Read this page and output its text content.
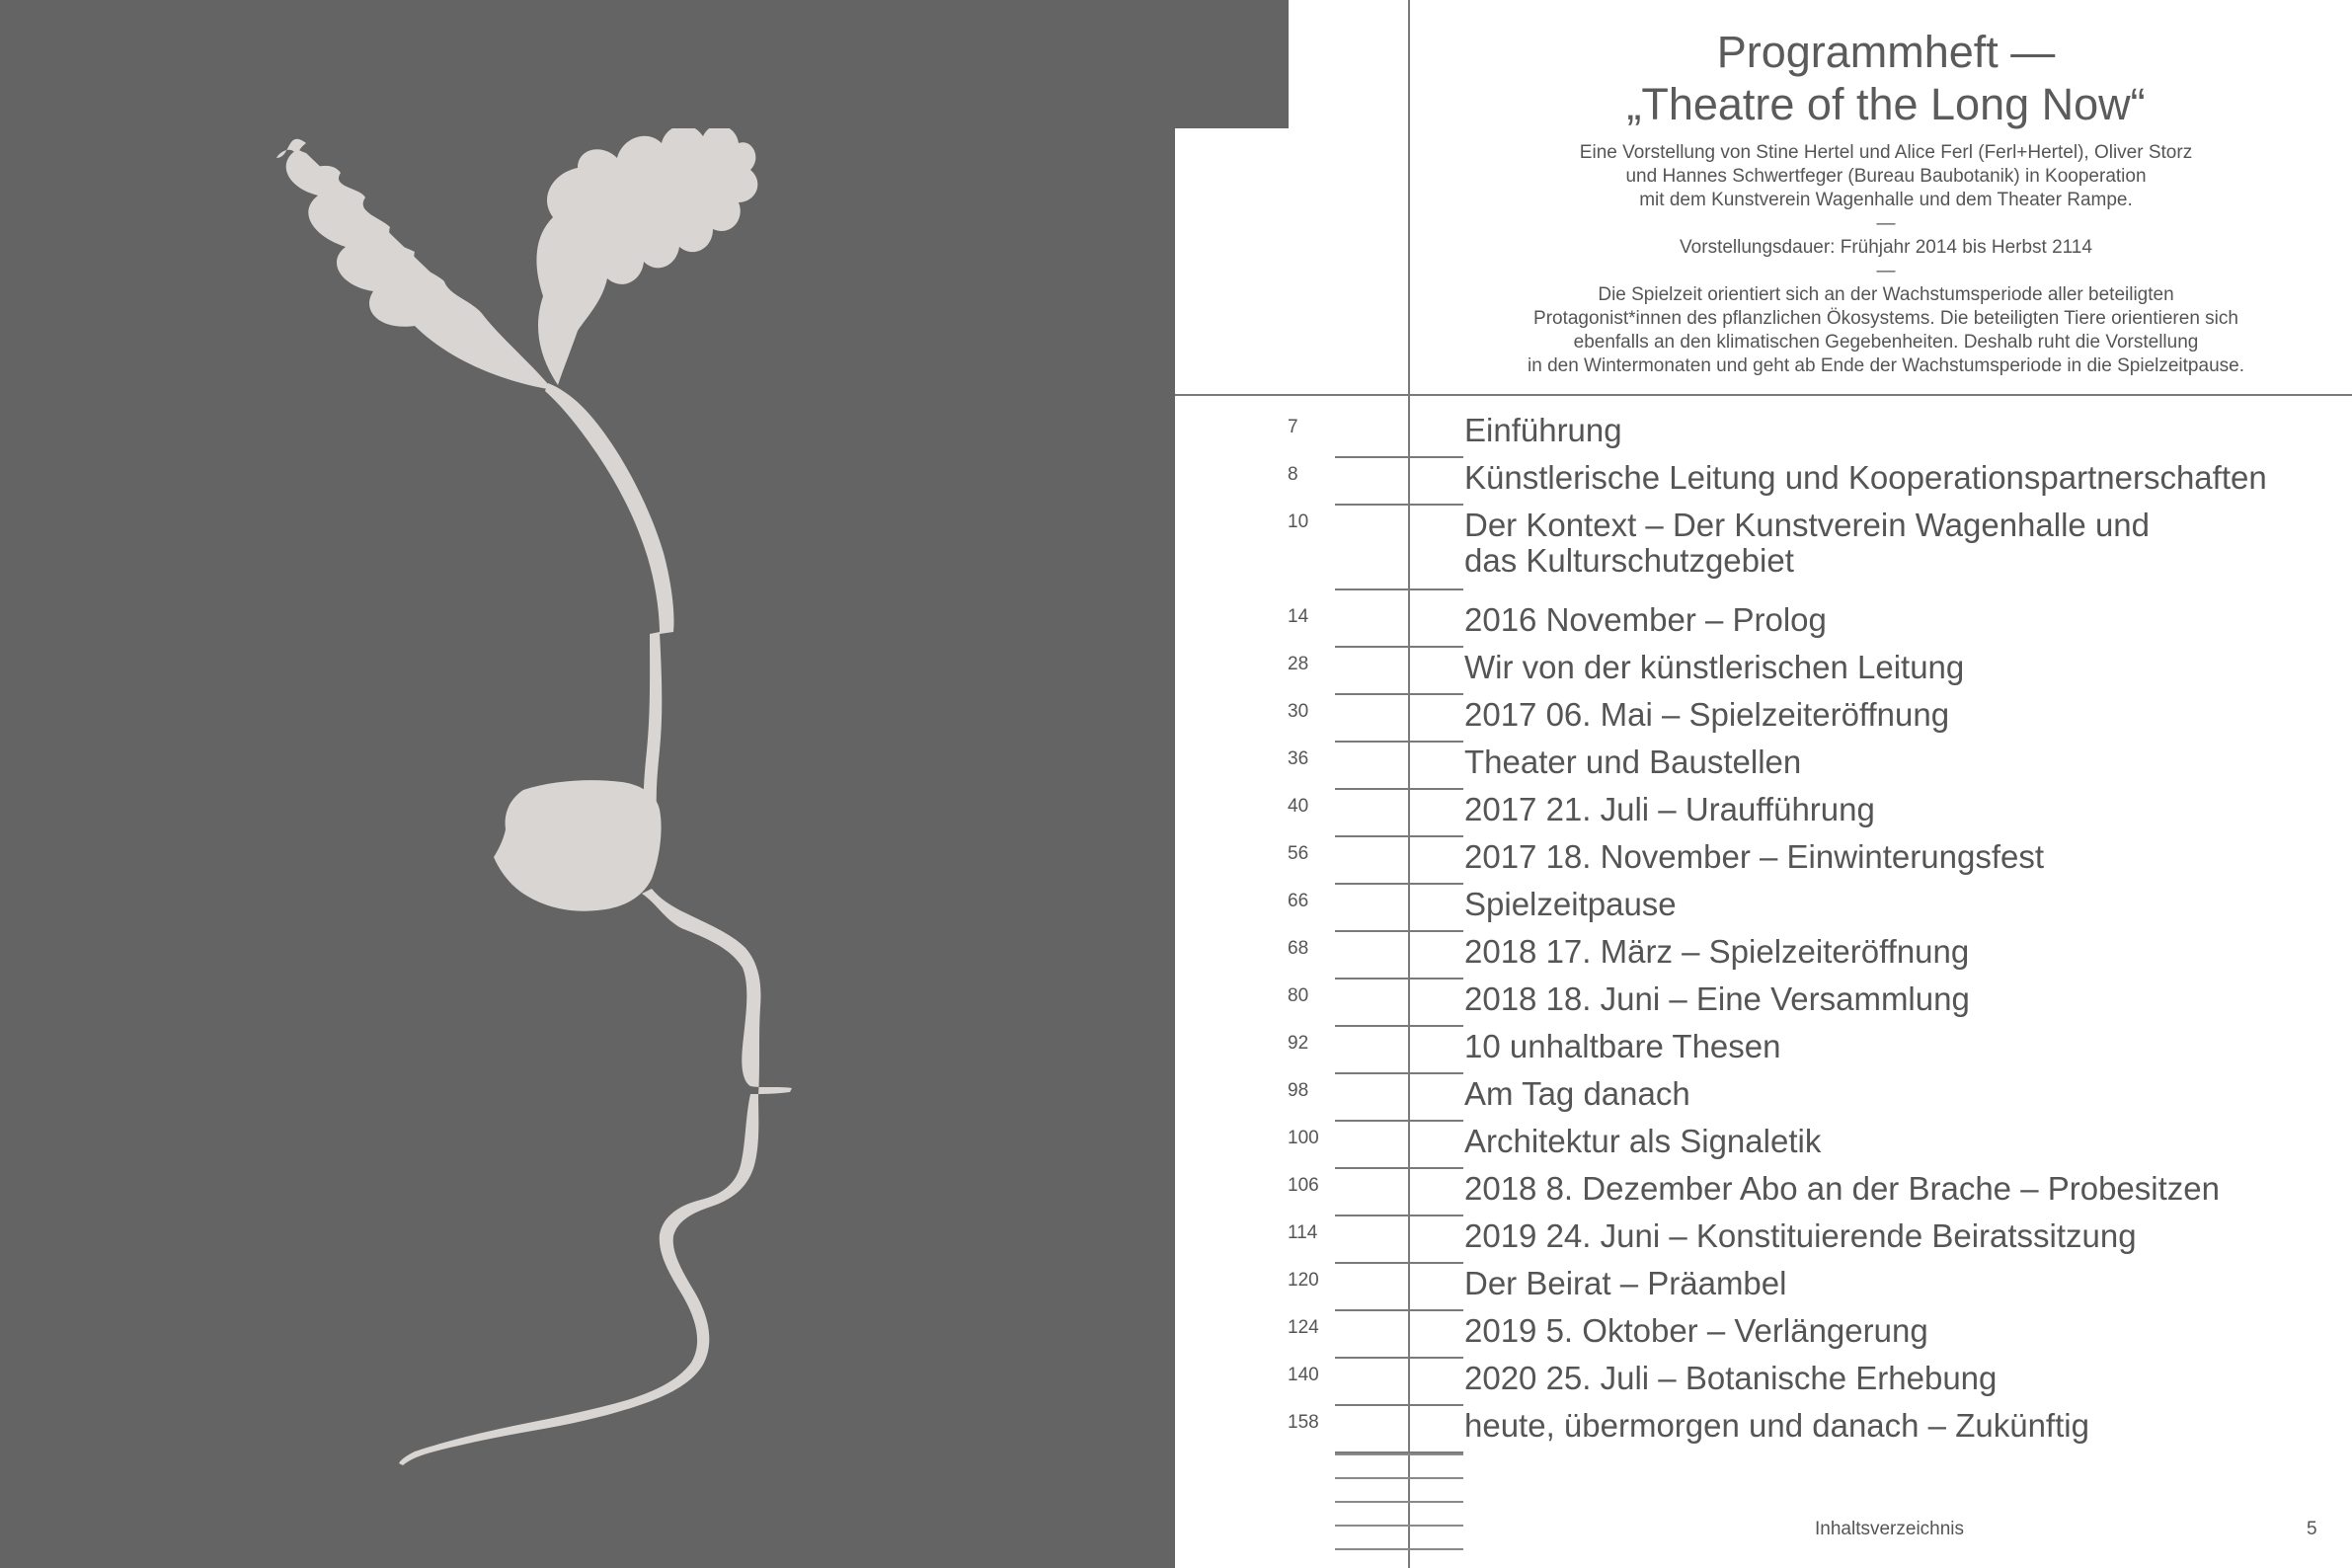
Programmheft —
„Theatre of the Long Now“
Eine Vorstellung von Stine Hertel und Alice Ferl (Ferl+Hertel), Oliver Storz
und Hannes Schwertfeger (Bureau Baubotanik) in Kooperation
mit dem Kunstverein Wagenhalle und dem Theater Rampe.
—
Vorstellungsdauer: Frühjahr 2014 bis Herbst 2114
—
Die Spielzeit orientiert sich an der Wachstumsperiode aller beteiligten
Protagonist*innen des pflanzlichen Ökosystems. Die beteiligten Tiere orientieren sich
ebenfalls an den klimatischen Gegebenheiten. Deshalb ruht die Vorstellung
in den Wintermonaten und geht ab Ende der Wachstumsperiode in die Spielzeitpause.
7	Einführung
8	Künstlerische Leitung und Kooperationspartnerschaften
10	Der Kontext – Der Kunstverein Wagenhalle und
das Kulturschutzgebiet
14	2016 November – Prolog
28	Wir von der künstlerischen Leitung
30	2017 06. Mai – Spielzeiteröffnung
36	Theater und Baustellen
40	2017 21. Juli – Uraufführung
56	2017 18. November – Einwinterungsfest
66	Spielzeitpause
68	2018 17. März – Spielzeiteröffnung
80	2018 18. Juni – Eine Versammlung
92	10 unhaltbare Thesen
98	Am Tag danach
100	Architektur als Signaletik
106	2018 8. Dezember Abo an der Brache – Probesitzen
114	2019 24. Juni – Konstituierende Beiratssitzung
120	Der Beirat – Präambel
124	2019 5. Oktober – Verlängerung
140	2020 25. Juli – Botanische Erhebung
158	heute, übermorgen und danach – Zukünftig
Inhaltsverzeichnis	5
